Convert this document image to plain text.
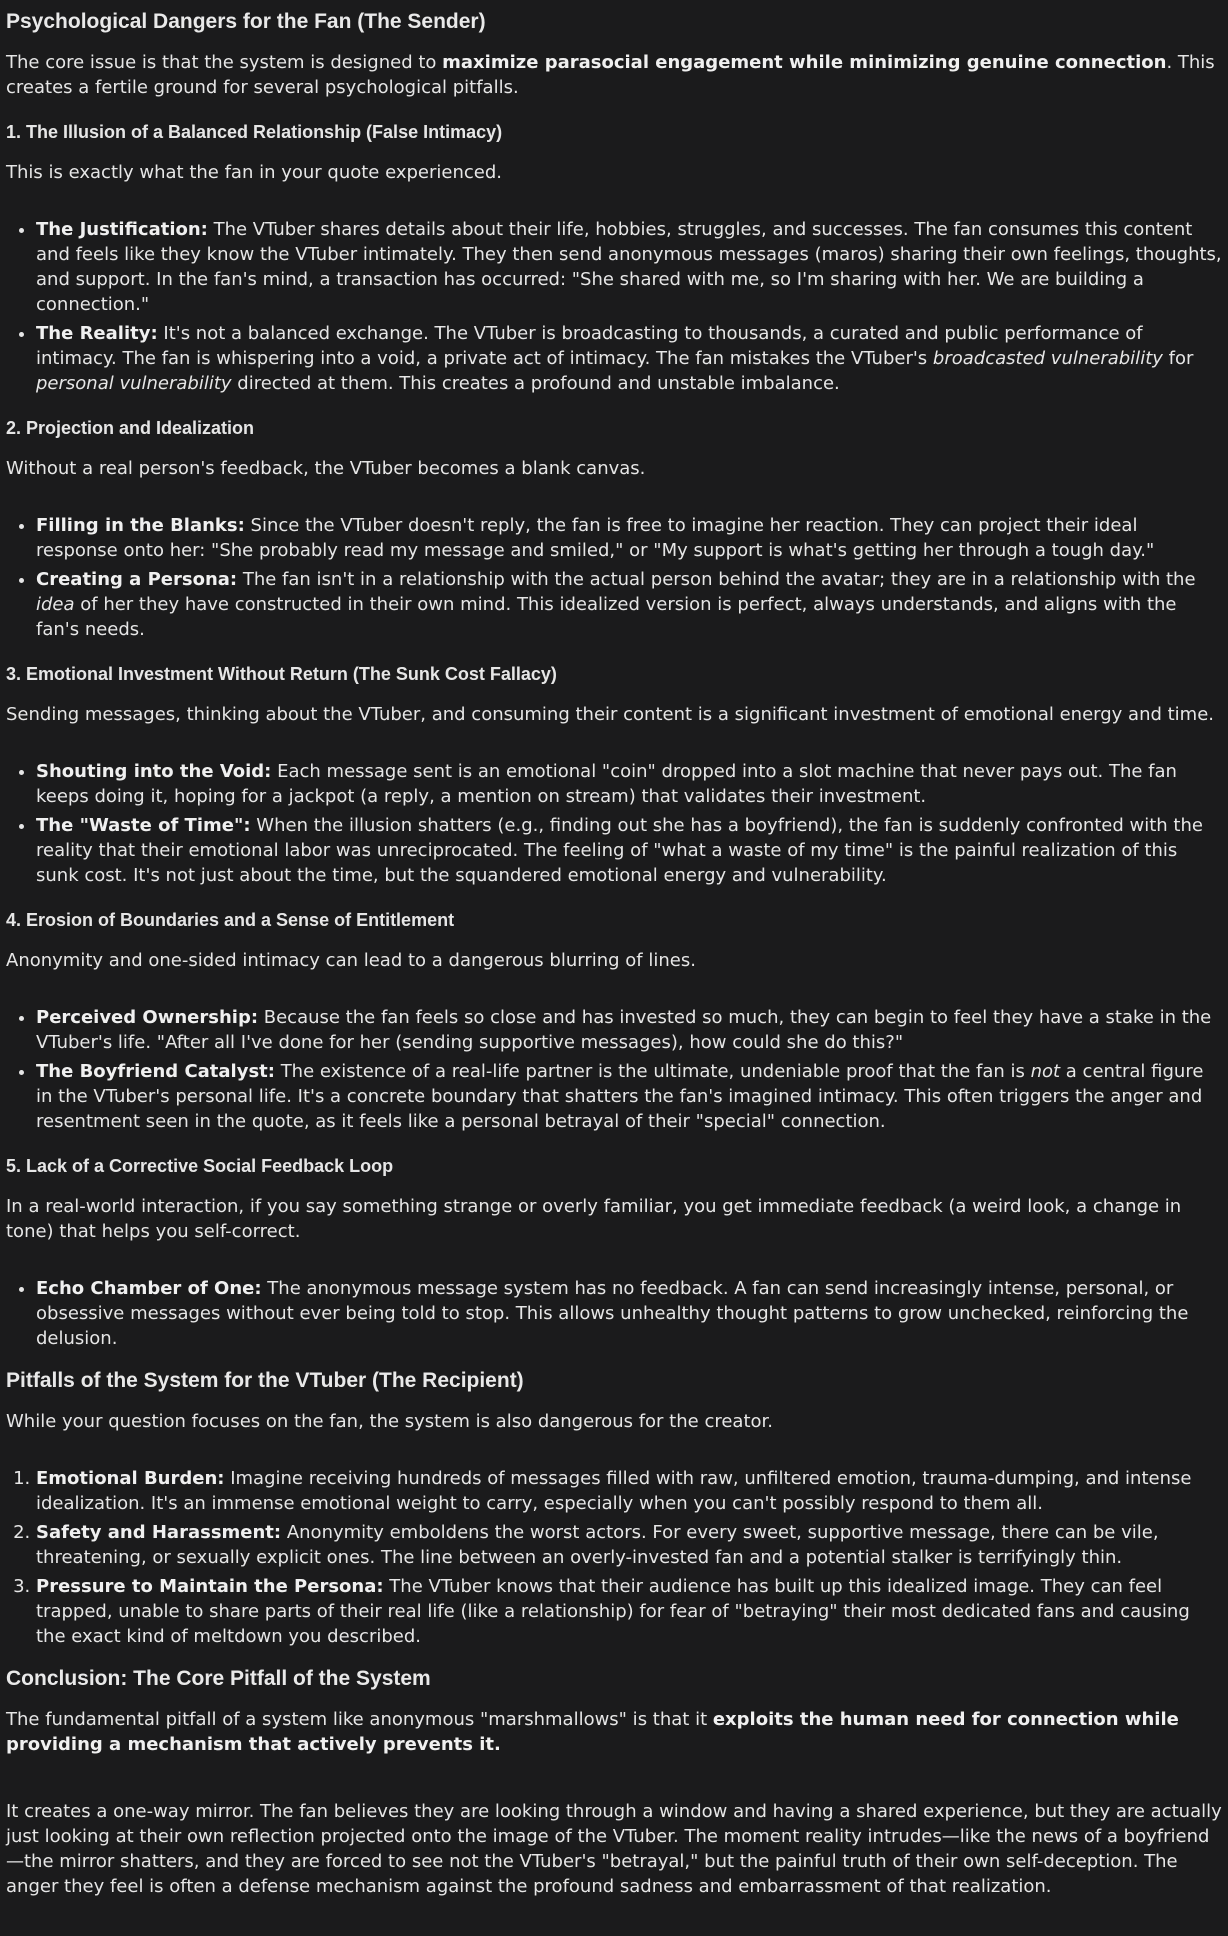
Psychological Dangers for the Fan (The Sender)

The core issue is that the system is designed to maximize parasocial engagement while minimizing genuine connection. This creates a fertile ground for several psychological pitfalls.

1. The Illusion of a Balanced Relationship (False Intimacy)

This is exactly what the fan in your quote experienced.

• The Justification: The VTuber shares details about their life, hobbies, struggles, and successes. The fan consumes this content and feels like they know the VTuber intimately. They then send anonymous messages (maros) sharing their own feelings, thoughts, and support. In the fan's mind, a transaction has occurred: "She shared with me, so I'm sharing with her. We are building a connection."
• The Reality: It's not a balanced exchange. The VTuber is broadcasting to thousands, a curated and public performance of intimacy. The fan is whispering into a void, a private act of intimacy. The fan mistakes the VTuber's broadcasted vulnerability for personal vulnerability directed at them. This creates a profound and unstable imbalance.
2. Projection and Idealization

Without a real person's feedback, the VTuber becomes a blank canvas.

• Filling in the Blanks: Since the VTuber doesn't reply, the fan is free to imagine her reaction. They can project their ideal response onto her: "She probably read my message and smiled," or "My support is what's getting her through a tough day."
• Creating a Persona: The fan isn't in a relationship with the actual person behind the avatar; they are in a relationship with the idea of her they have constructed in their own mind. This idealized version is perfect, always understands, and aligns with the fan's needs.
3. Emotional Investment Without Return (The Sunk Cost Fallacy)

Sending messages, thinking about the VTuber, and consuming their content is a significant investment of emotional energy and time.

• Shouting into the Void: Each message sent is an emotional "coin" dropped into a slot machine that never pays out. The fan keeps doing it, hoping for a jackpot (a reply, a mention on stream) that validates their investment.
• The "Waste of Time": When the illusion shatters (e.g., finding out she has a boyfriend), the fan is suddenly confronted with the reality that their emotional labor was unreciprocated. The feeling of "what a waste of my time" is the painful realization of this sunk cost. It's not just about the time, but the squandered emotional energy and vulnerability.
4. Erosion of Boundaries and a Sense of Entitlement

Anonymity and one-sided intimacy can lead to a dangerous blurring of lines.

• Perceived Ownership: Because the fan feels so close and has invested so much, they can begin to feel they have a stake in the VTuber's life. "After all I've done for her (sending supportive messages), how could she do this?"
• The Boyfriend Catalyst: The existence of a real-life partner is the ultimate, undeniable proof that the fan is not a central figure in the VTuber's personal life. It's a concrete boundary that shatters the fan's imagined intimacy. This often triggers the anger and resentment seen in the quote, as it feels like a personal betrayal of their "special" connection.
5. Lack of a Corrective Social Feedback Loop

In a real-world interaction, if you say something strange or overly familiar, you get immediate feedback (a weird look, a change in tone) that helps you self-correct.

• Echo Chamber of One: The anonymous message system has no feedback. A fan can send increasingly intense, personal, or obsessive messages without ever being told to stop. This allows unhealthy thought patterns to grow unchecked, reinforcing the delusion.
Pitfalls of the System for the VTuber (The Recipient)

While your question focuses on the fan, the system is also dangerous for the creator.

1. Emotional Burden: Imagine receiving hundreds of messages filled with raw, unfiltered emotion, trauma-dumping, and intense idealization. It's an immense emotional weight to carry, especially when you can't possibly respond to them all.
2. Safety and Harassment: Anonymity emboldens the worst actors. For every sweet, supportive message, there can be vile, threatening, or sexually explicit ones. The line between an overly-invested fan and a potential stalker is terrifyingly thin.
3. Pressure to Maintain the Persona: The VTuber knows that their audience has built up this idealized image. They can feel trapped, unable to share parts of their real life (like a relationship) for fear of "betraying" their most dedicated fans and causing the exact kind of meltdown you described.
Conclusion: The Core Pitfall of the System

The fundamental pitfall of a system like anonymous "marshmallows" is that it exploits the human need for connection while providing a mechanism that actively prevents it.

It creates a one-way mirror. The fan believes they are looking through a window and having a shared experience, but they are actually just looking at their own reflection projected onto the image of the VTuber. The moment reality intrudes—like the news of a boyfriend—the mirror shatters, and they are forced to see not the VTuber's "betrayal," but the painful truth of their own self-deception. The anger they feel is often a defense mechanism against the profound sadness and embarrassment of that realization.
